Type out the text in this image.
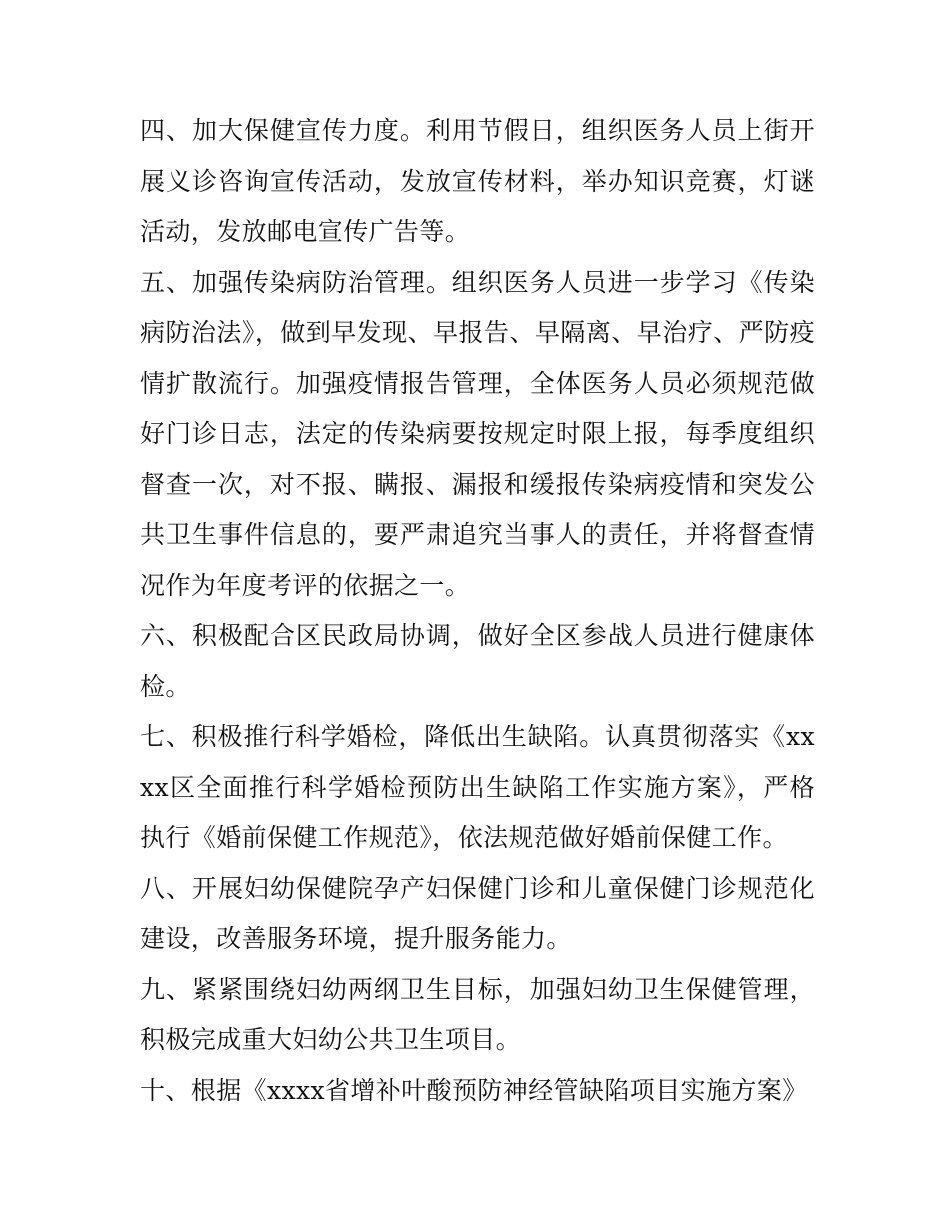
四、加大保健宣传力度。利用节假日，组织医务人员上街开展义诊咨询宣传活动，发放宣传材料，举办知识竞赛，灯谜活动，发放邮电宣传广告等。

五、加强传染病防治管理。组织医务人员进一步学习《传染病防治法》，做到早发现、早报告、早隔离、早治疗、严防疫情扩散流行。加强疫情报告管理，全体医务人员必须规范做好门诊日志，法定的传染病要按规定时限上报，每季度组织督查一次，对不报、瞒报、漏报和缓报传染病疫情和突发公共卫生事件信息的，要严肃追究当事人的责任，并将督查情况作为年度考评的依据之一。

六、积极配合区民政局协调，做好全区参战人员进行健康体检。

七、积极推行科学婚检，降低出生缺陷。认真贯彻落实《xxxx区全面推行科学婚检预防出生缺陷工作实施方案》，严格执行《婚前保健工作规范》，依法规范做好婚前保健工作。

八、开展妇幼保健院孕产妇保健门诊和儿童保健门诊规范化建设，改善服务环境，提升服务能力。

九、紧紧围绕妇幼两纲卫生目标，加强妇幼卫生保健管理，积极完成重大妇幼公共卫生项目。

十、根据《xxxx省增补叶酸预防神经管缺陷项目实施方案》
